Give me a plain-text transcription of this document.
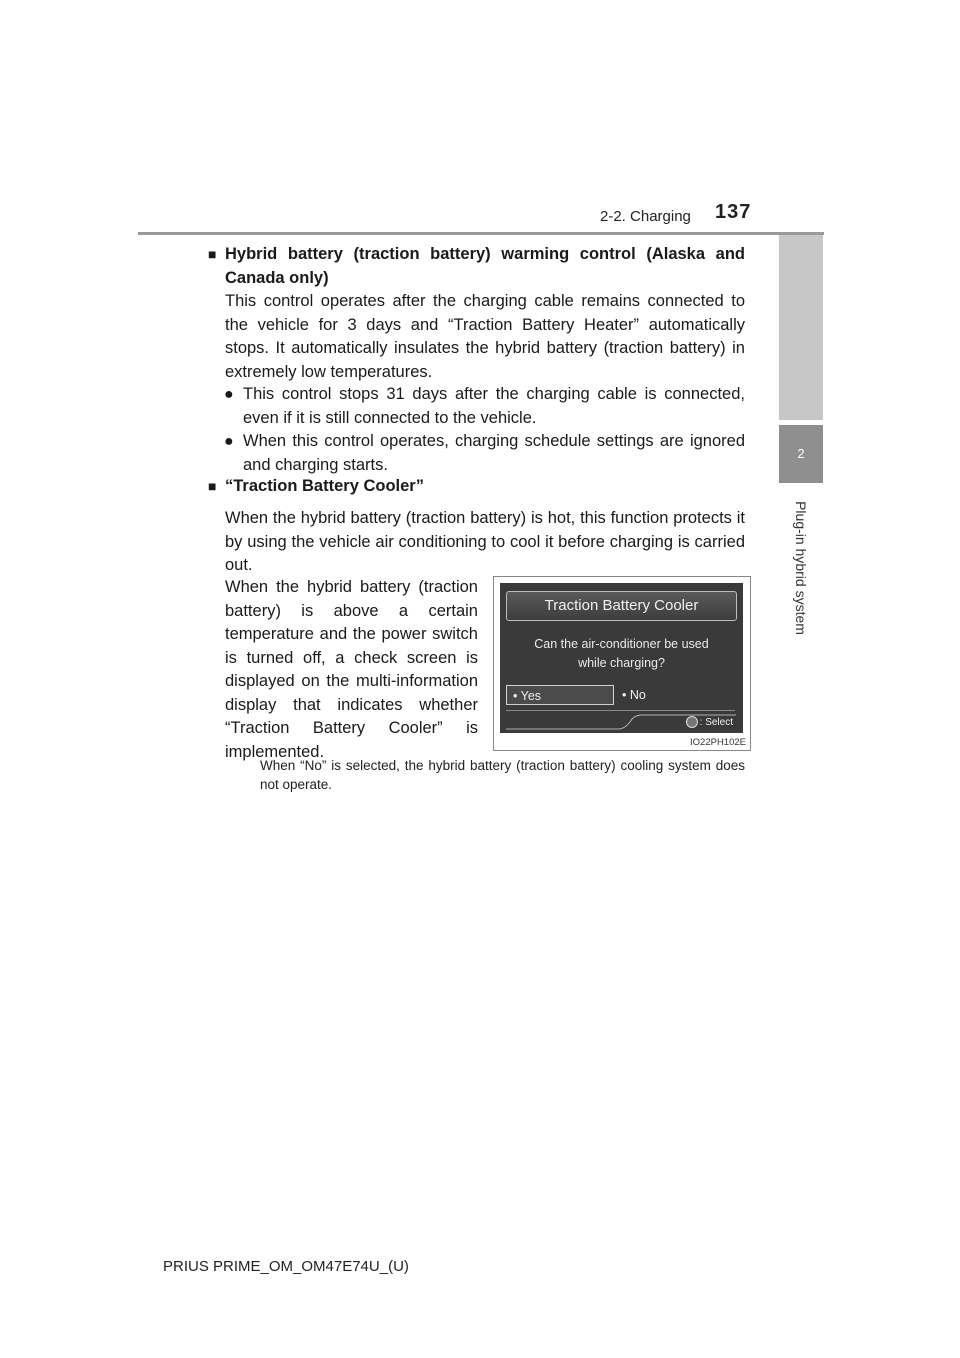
2-2. Charging	137
2
Plug-in hybrid system
■ Hybrid battery (traction battery) warming control (Alaska and Canada only)
This control operates after the charging cable remains connected to the vehicle for 3 days and “Traction Battery Heater” automatically stops. It automatically insulates the hybrid battery (traction battery) in extremely low temperatures.
● This control stops 31 days after the charging cable is connected, even if it is still connected to the vehicle.
● When this control operates, charging schedule settings are ignored and charging starts.
■ “Traction Battery Cooler”
When the hybrid battery (traction battery) is hot, this function protects it by using the vehicle air conditioning to cool it before charging is carried out.
When the hybrid battery (traction battery) is above a certain temperature and the power switch is turned off, a check screen is displayed on the multi-information display that indicates whether “Traction Battery Cooler” is implemented.
Traction Battery Cooler
Can the air-conditioner be used
while charging?
• Yes	• No
: Select
IO22PH102E
When “No” is selected, the hybrid battery (traction battery) cooling system does not operate.
PRIUS PRIME_OM_OM47E74U_(U)
